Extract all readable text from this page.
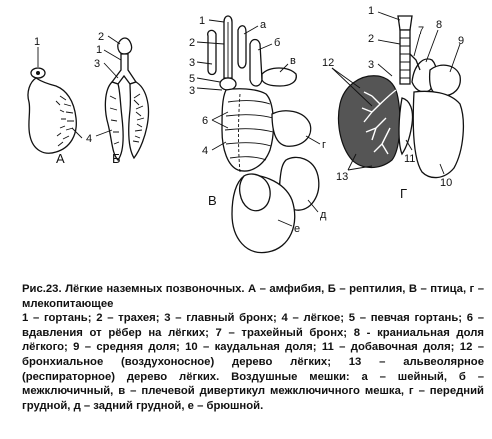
1
А
2
1
3
4
Б
1
2
3
5
3
6
4
а
б
в
г
д
е
В
1
2
3
7 8
9
12
11
13	10
Г

Рис.23. Лёгкие наземных позвоночных. А – амфибия, Б – рептилия, В – птица, г – млекопитающее

1 – гортань; 2 – трахея; 3 – главный бронх; 4 – лёгкое; 5 – певчая гортань; 6 – вдавления от рёбер на лёгких; 7 – трахейный бронх; 8 - краниальная доля лёгкого; 9 – средняя доля; 10 – каудальная доля; 11 – добавочная доля; 12 – бронхиальное (воздухоносное) дерево лёгких; 13 – альвеолярное (респираторное) дерево лёгких. Воздушные мешки: а – шейный, б – межключичный, в – плечевой дивертикул межключичного мешка, г – передний грудной, д – задний грудной, е – брюшной.
